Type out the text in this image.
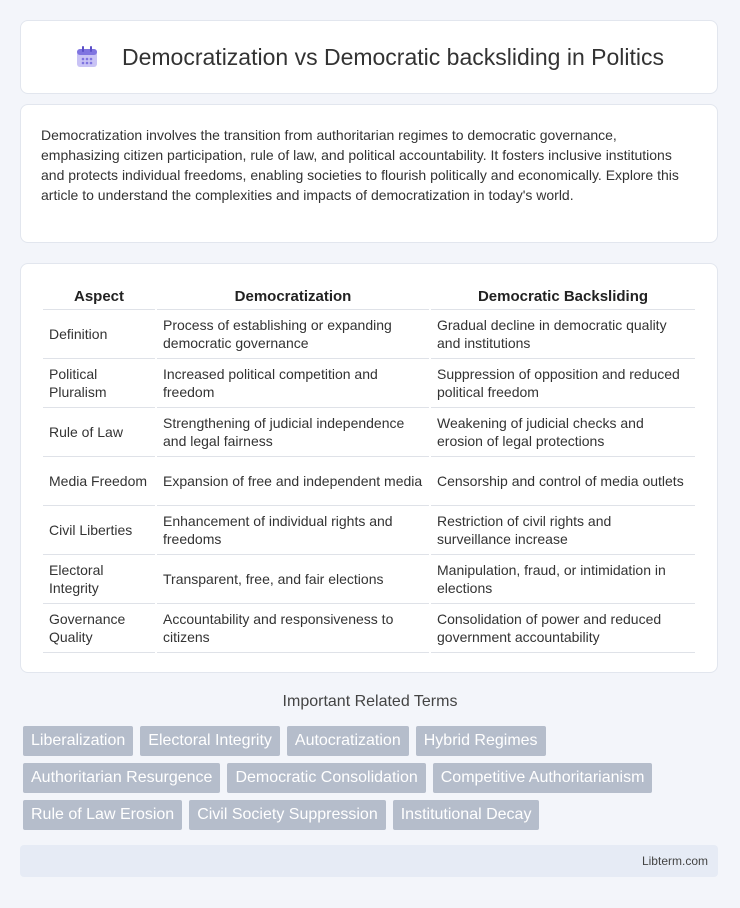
Democratization vs Democratic backsliding in Politics

Democratization involves the transition from authoritarian regimes to democratic governance, emphasizing citizen participation, rule of law, and political accountability. It fosters inclusive institutions and protects individual freedoms, enabling societies to flourish politically and economically. Explore this article to understand the complexities and impacts of democratization in today's world.

Aspect	Democratization	Democratic Backsliding
Definition	Process of establishing or expanding democratic governance	Gradual decline in democratic quality and institutions
Political Pluralism	Increased political competition and freedom	Suppression of opposition and reduced political freedom
Rule of Law	Strengthening of judicial independence and legal fairness	Weakening of judicial checks and erosion of legal protections
Media Freedom	Expansion of free and independent media	Censorship and control of media outlets
Civil Liberties	Enhancement of individual rights and freedoms	Restriction of civil rights and surveillance increase
Electoral Integrity	Transparent, free, and fair elections	Manipulation, fraud, or intimidation in elections
Governance Quality	Accountability and responsiveness to citizens	Consolidation of power and reduced government accountability
Important Related Terms
Liberalization	Electoral Integrity	Autocratization	Hybrid Regimes
Authoritarian Resurgence	Democratic Consolidation	Competitive Authoritarianism
Rule of Law Erosion	Civil Society Suppression	Institutional Decay
Libterm.com
